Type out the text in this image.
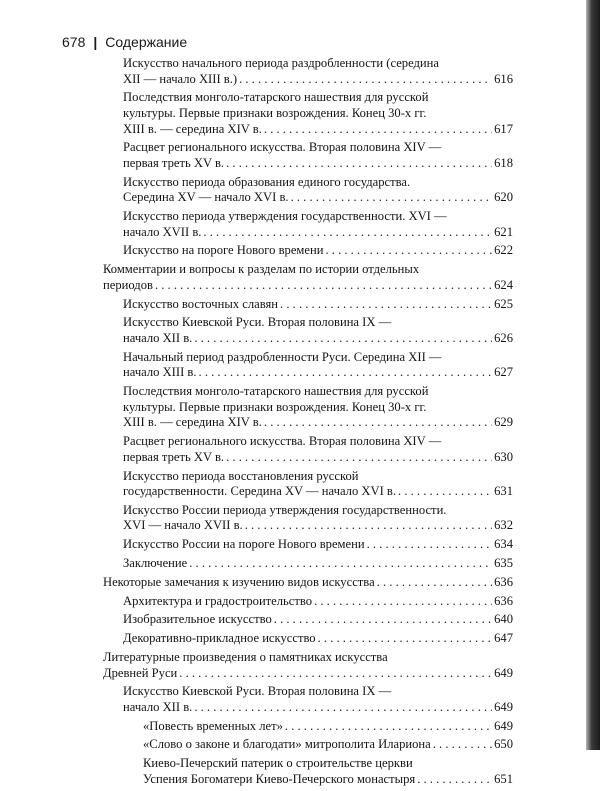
678 | Содержание
Искусство начального периода раздробленности (середина
XII — начало XIII в.) . . .	616
Последствия монголо-татарского нашествия для русской
культуры. Первые признаки возрождения. Конец 30-х гг.
XIII в. — середина XIV в. . . .	617
Расцвет регионального искусства. Вторая половина XIV —
первая треть XV в. . . .	618
Искусство периода образования единого государства.
Середина XV — начало XVI в. . . .	620
Искусство периода утверждения государственности. XVI —
начало XVII в. . . .	621
Искусство на пороге Нового времени . . .	622
Комментарии и вопросы к разделам по истории отдельных
периодов . . .	624
Искусство восточных славян . . .	625
Искусство Киевской Руси. Вторая половина IX —
начало XII в. . . .	626
Начальный период раздробленности Руси. Середина XII —
начало XIII в. . . .	627
Последствия монголо-татарского нашествия для русской
культуры. Первые признаки возрождения. Конец 30-х гг.
XIII в. — середина XIV в. . . .	629
Расцвет регионального искусства. Вторая половина XIV —
первая треть XV в. . . .	630
Искусство периода восстановления русской
государственности. Середина XV — начало XVI в. . . .	631
Искусство России периода утверждения государственности.
XVI — начало XVII в. . . .	632
Искусство России на пороге Нового времени . . .	634
Заключение . . .	635
Некоторые замечания к изучению видов искусства . . .	636
Архитектура и градостроительство . . .	636
Изобразительное искусство . . .	640
Декоративно-прикладное искусство . . .	647
Литературные произведения о памятниках искусства
Древней Руси . . .	649
Искусство Киевской Руси. Вторая половина IX —
начало XII в. . . .	649
«Повесть временных лет» . . .	649
«Слово о законе и благодати» митрополита Илариона . . .	650
Киево-Печерский патерик о строительстве церкви
Успения Богоматери Киево-Печерского монастыря . . .	651
